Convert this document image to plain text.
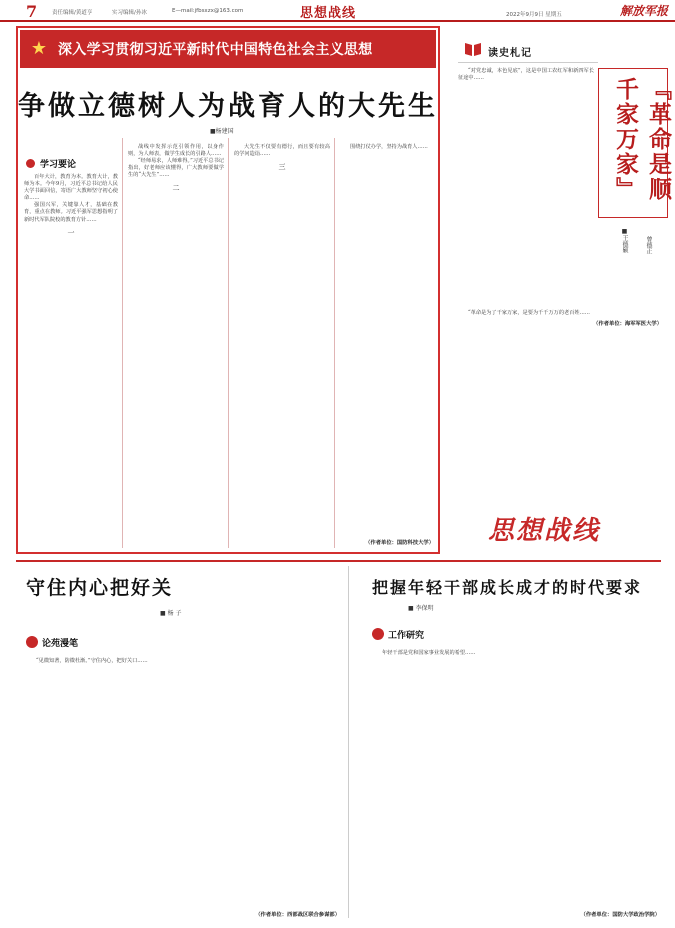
7	责任编辑/黄道亨	实习编辑/孙冰	E—mail:jfbsxzx@163.com	思想战线	2022年9月9日 星期五	解放军报
★ 深入学习贯彻习近平新时代中国特色社会主义思想
争做立德树人为战育人的大先生
■杨建国
学习要论

百年大计，教育为本。教育大计，教师为本。今年9月，习近平总书记给人民大学书面回信，寄语广大教师坚守初心使命……

强国兴军，关键靠人才，基础在教育，重点在教师。习近平强军思想指明了新时代军队院校的教育方针……

一

战线中发挥示范引领作用，以身作则，为人师表，做学生成长的引路人……

“经师易求，人师难得。”习近平总书记指出，好老师应该懂得，广大教师要做学生的“大先生”……

二

大先生不仅要有德行，而且要有较高的学问造诣……

三

围绕打仗办学，坚持为战育人……

（作者单位：国防科技大学）
读史札记

“对党忠诚，本色见底”，这是中国工农红军和新四军长征途中……

“革命是为了干家万家，是要为千千万万的老百姓……

（作者单位：海军军医大学）
『革命是顺千家万家』
■王德颖	曾德正
思想战线
守住内心把好关
■ 杨 子
论苑漫笔

“见微知著，防微杜渐。”守住内心，把好关口……

（作者单位：西部战区联合参谋部）
把握年轻干部成长成才的时代要求
■ 李保明
工作研究

年轻干部是党和国家事业发展的希望……

（作者单位：国防大学政治学院）
